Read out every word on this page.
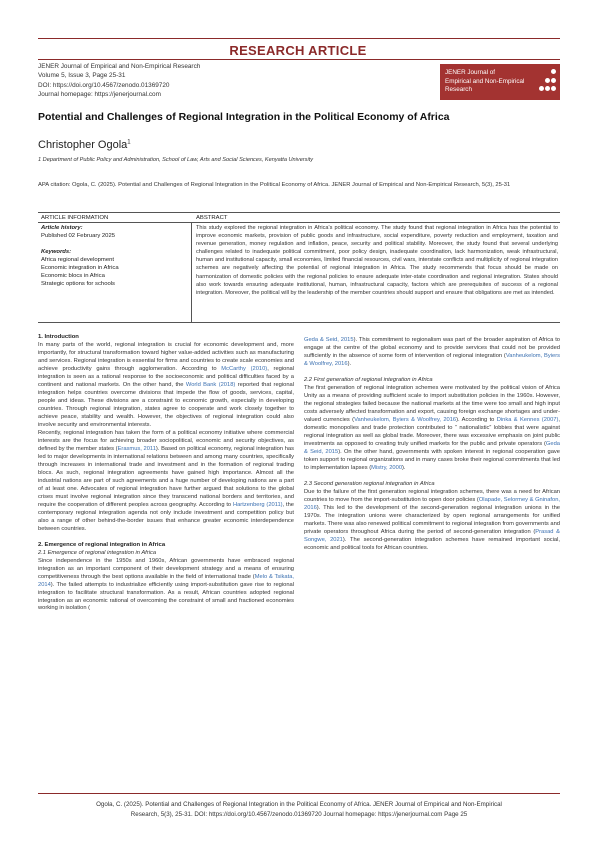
RESEARCH ARTICLE
JENER Journal of Empirical and Non-Empirical Research
Volume 5, Issue 3, Page 25-31
DOI: https://doi.org/10.4567/zenodo.01369720
Journal homepage: https://jenerjournal.com
JENER Journal of
Empirical and Non-Empirical
Research
Potential and Challenges of Regional Integration in the Political Economy of Africa
Christopher Ogola$^1$
1 Department of Public Policy and Administration, School of Law, Arts and Social Sciences, Kenyatta University
APA citation: Ogola, C. (2025). Potential and Challenges of Regional Integration in the Political Economy of Africa. JENER Journal of Empirical and Non-Empirical Research, 5(3), 25-31
ARTICLE INFORMATION	ABSTRACT
Article history:
Published 02 February 2025
Keywords:
Africa regional development
Economic integration in Africa
Economic blocs in Africa
Strategic options for schools
This study explored the regional integration in Africa's political economy. The study found that regional integration in Africa has the potential to improve economic markets, provision of public goods and infrastructure, social expenditure, poverty reduction and employment, taxation and revenue generation, money regulation and inflation, peace, security and political stability. Moreover, the study found that several underlying challenges related to inadequate political commitment, poor policy design, inadequate coordination, lack harmonization, weak infrastructural, human and institutional capacity, small economies, limited financial resources, civil wars, interstate conflicts and multiplicity of regional integration schemes are negatively affecting the potential of regional integration in Africa. The study recommends that focus should be made on harmonization of domestic policies with the regional policies to ensure adequate inter-state coordination and regional integration. States should also work towards ensuring adequate institutional, human, infrastructural capacity, factors which are prerequisites of success of a regional integration. Moreover, the political will by the leadership of the member countries should support and ensure that obligations are met as intended.
1. Introduction

In many parts of the world, regional integration is crucial for economic development and, more importantly, for structural transformation toward higher value-added activities such as manufacturing and services. Regional integration is essential for firms and countries to create scale economies and achieve productivity gains through agglomeration. According to McCarthy (2010), regional integration is seen as a rational response to the socioeconomic and political difficulties faced by a continent and national markets. On the other hand, the World Bank (2018) reported that regional integration helps countries overcome divisions that impede the flow of goods, services, capital, people and ideas. These divisions are a constraint to economic growth, especially in developing countries. Through regional integration, states agree to cooperate and work closely together to achieve peace, stability and wealth. However, the objectives of regional integration could also involve security and environmental interests.

Recently, regional integration has taken the form of a political economy initiative where commercial interests are the focus for achieving broader sociopolitical, economic and security objectives, as defined by the member states (Erasmus, 2011). Based on political economy, regional integration has led to major developments in international relations between and among many countries, specifically through increases in international trade and investment and in the formation of regional trading blocs. As such, regional integration agreements have gained high importance. Almost all the industrial nations are part of such agreements and a huge number of developing nations are a part of at least one. Advocates of regional integration have further argued that solutions to the global crises must involve regional integration since they transcend national borders and territories, and require the cooperation of different peoples across geography. According to Hartzenberg (2011), the contemporary regional integration agenda not only include investment and competition policy but also a range of other behind-the-border issues that enhance greater economic interdependence between countries.

2. Emergence of regional integration in Africa
2.1 Emergence of regional integration in Africa

Since independence in the 1950s and 1960s, African governments have embraced regional integration as an important component of their development strategy and a means of ensuring competitiveness through the best options available in the field of international trade (Melo & Tsikata, 2014). The failed attempts to industrialize efficiently using import-substitution gave rise to regional integration to facilitate structural transformation. As a result, African countries adopted regional integration as an economic rational of overcoming the constraint of small and fractioned economies working in isolation (

Geda & Seid, 2015). This commitment to regionalism was part of the broader aspiration of Africa to engage at the centre of the global economy and to provide services that could not be provided sufficiently in the absence of some form of intervention of regional integration (Vanheukelom, Byiers & Woolfrey, 2016).

2.2 First generation of regional integration in Africa

The first generation of regional integration schemes were motivated by the political vision of Africa Unity as a means of providing sufficient scale to import substitution policies in the 1960s. However, the regional strategies failed because the national markets at the time were too small and high input costs adversely affected transformation and export, causing foreign exchange shortages and under-valued currencies (Vanheukelom, Byiers & Woolfrey, 2016). According to Dinka & Kennes (2007), domestic monopolies and trade protection contributed to “ nationalistic” lobbies that were against regional integration as well as global trade. Moreover, there was excessive emphasis on joint public investments as opposed to creating truly unified markets for the public and private operators (Geda & Seid, 2015). On the other hand, governments with spoken interest in regional cooperation gave token support to regional organizations and in many cases broke their regional commitments that led to implementation lapses (Mistry, 2000).

2.3 Second generation regional integration in Africa

Due to the failure of the first generation regional integration schemes, there was a need for African countries to move from the import-substitution to open door policies (Olapade, Selormey & Gninafon, 2016). This led to the development of the second-generation regional integration unions in the 1970s. The integration unions were characterized by open regional arrangements for unified markets. There was also renewed political commitment to regional integration from governments and private operators throughout Africa during the period of second-generation integration (Prasad & Songwe, 2021). The second-generation integration schemes have remained important social, economic and political tools for African countries.

Ogola, C. (2025). Potential and Challenges of Regional Integration in the Political Economy of Africa. JENER Journal of Empirical and Non-Empirical
Research, 5(3), 25-31. DOI: https://doi.org/10.4567/zenodo.01369720 Journal homepage: https://jenerjournal.com Page 25
